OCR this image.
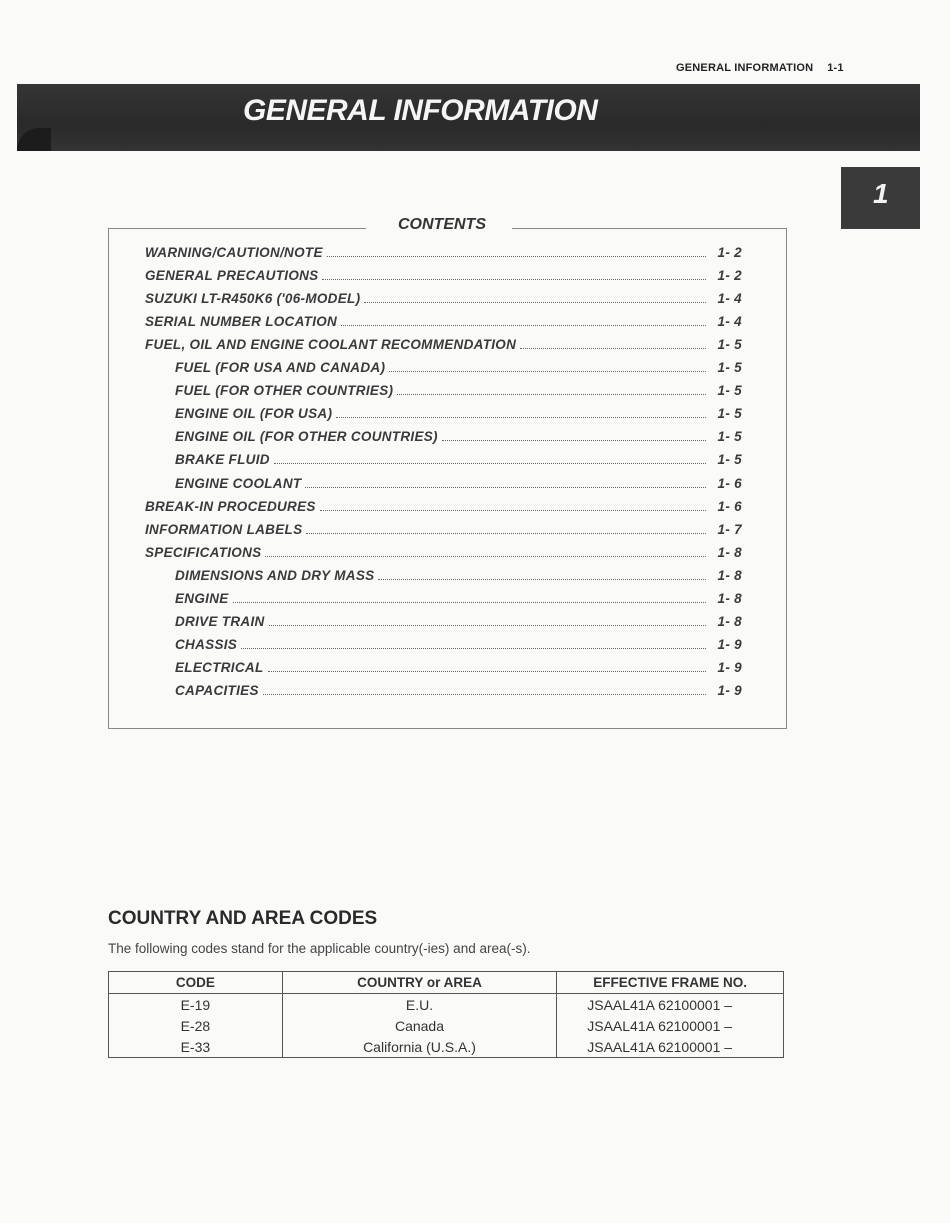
GENERAL INFORMATION 1-1
GENERAL INFORMATION
1
CONTENTS
WARNING/CAUTION/NOTE	1- 2
GENERAL PRECAUTIONS	1- 2
SUZUKI LT-R450K6 ('06-MODEL)	1- 4
SERIAL NUMBER LOCATION	1- 4
FUEL, OIL AND ENGINE COOLANT RECOMMENDATION	1- 5
FUEL (FOR USA AND CANADA)	1- 5
FUEL (FOR OTHER COUNTRIES)	1- 5
ENGINE OIL (FOR USA)	1- 5
ENGINE OIL (FOR OTHER COUNTRIES)	1- 5
BRAKE FLUID	1- 5
ENGINE COOLANT	1- 6
BREAK-IN PROCEDURES	1- 6
INFORMATION LABELS	1- 7
SPECIFICATIONS	1- 8
DIMENSIONS AND DRY MASS	1- 8
ENGINE	1- 8
DRIVE TRAIN	1- 8
CHASSIS	1- 9
ELECTRICAL	1- 9
CAPACITIES	1- 9
COUNTRY AND AREA CODES
The following codes stand for the applicable country(-ies) and area(-s).
CODE	COUNTRY or AREA	EFFECTIVE FRAME NO.
E-19	E.U.	JSAAL41A 62100001 –
E-28	Canada	JSAAL41A 62100001 –
E-33	California (U.S.A.)	JSAAL41A 62100001 –
